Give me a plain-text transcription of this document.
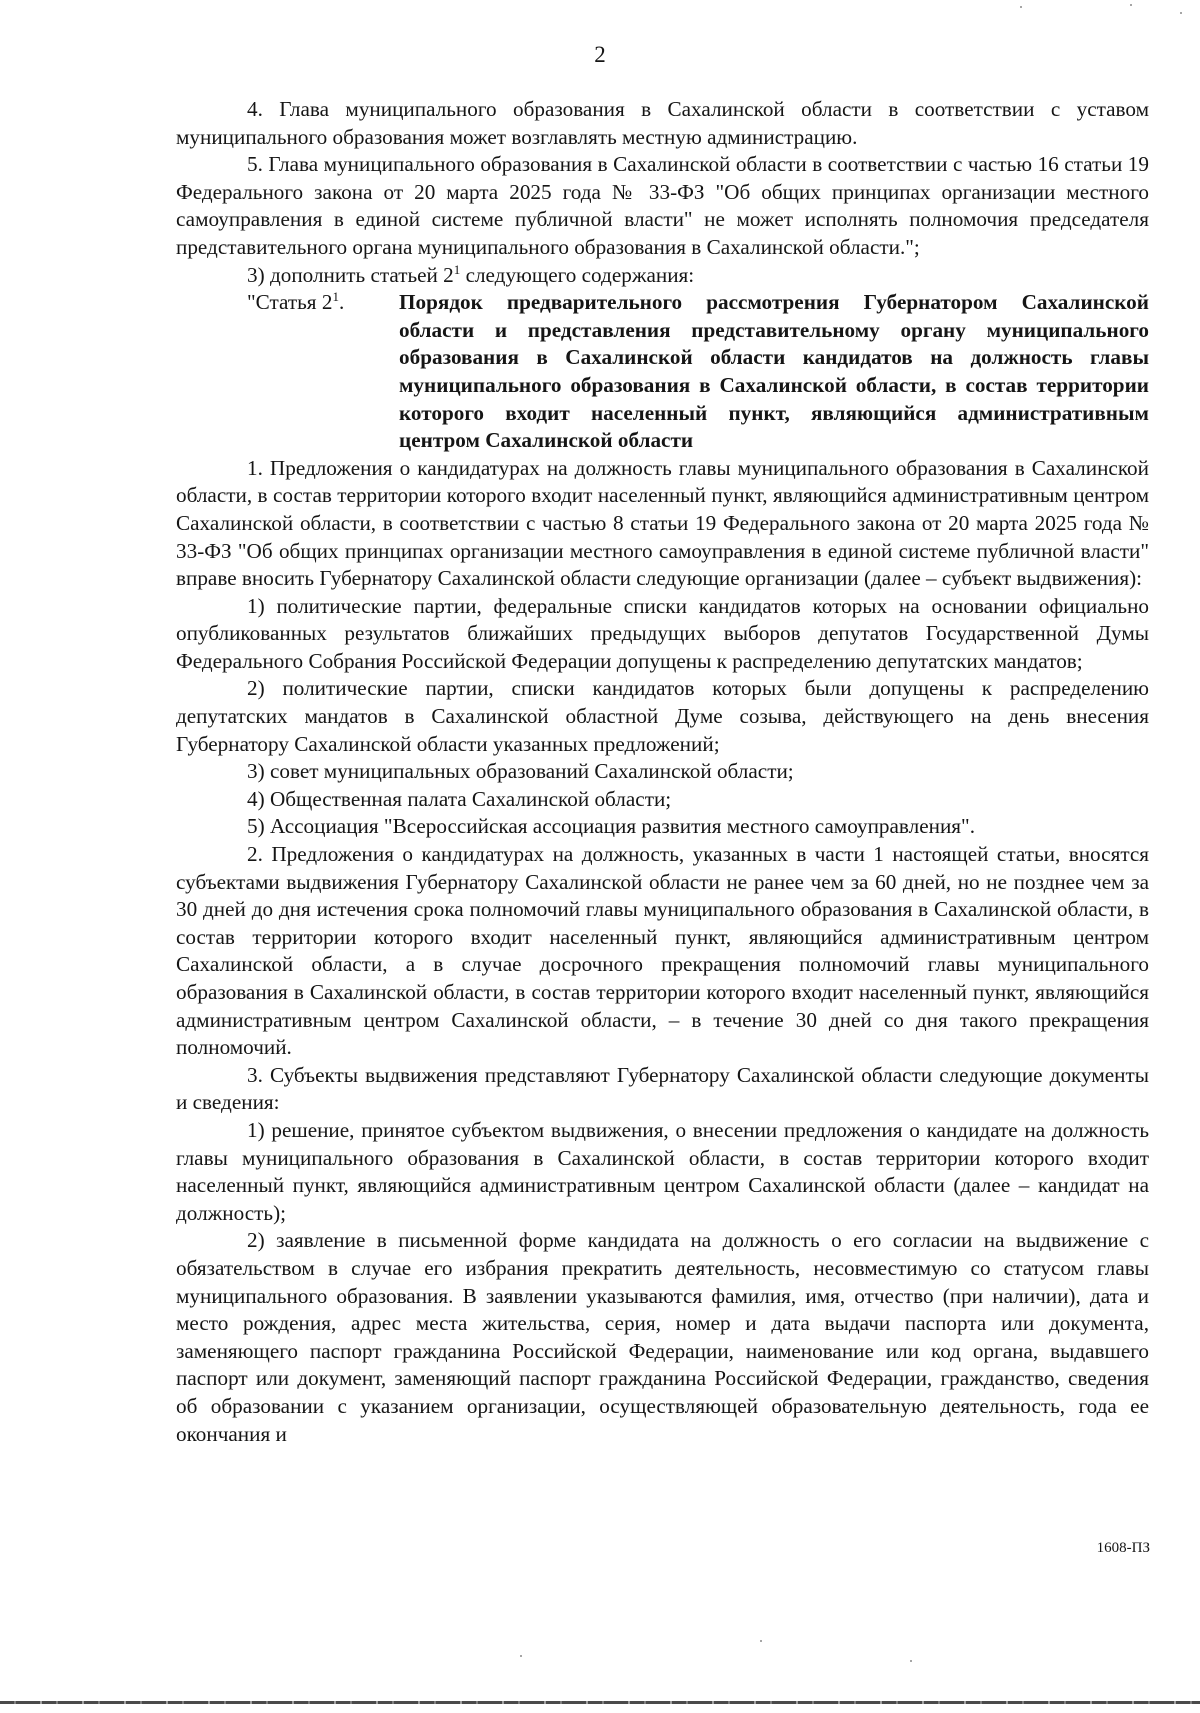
2

4. Глава муниципального образования в Сахалинской области в соответствии с уставом муниципального образования может возглавлять местную администрацию.

5. Глава муниципального образования в Сахалинской области в соответствии с частью 16 статьи 19 Федерального закона от 20 марта 2025 года № 33-ФЗ "Об общих принципах организации местного самоуправления в единой системе публичной власти" не может исполнять полномочия председателя представительного органа муниципального образования в Сахалинской области.";

3) дополнить статьей $2^1$ следующего содержания:

"Статья $2^1$.	Порядок предварительного рассмотрения Губернатором Сахалинской области и представления представительному органу муниципального образования в Сахалинской области кандидатов на должность главы муниципального образования в Сахалинской области, в состав территории которого входит населенный пункт, являющийся административным центром Сахалинской области

1. Предложения о кандидатурах на должность главы муниципального образования в Сахалинской области, в состав территории которого входит населенный пункт, являющийся административным центром Сахалинской области, в соответствии с частью 8 статьи 19 Федерального закона от 20 марта 2025 года № 33-ФЗ "Об общих принципах организации местного самоуправления в единой системе публичной власти" вправе вносить Губернатору Сахалинской области следующие организации (далее – субъект выдвижения):

1) политические партии, федеральные списки кандидатов которых на основании официально опубликованных результатов ближайших предыдущих выборов депутатов Государственной Думы Федерального Собрания Российской Федерации допущены к распределению депутатских мандатов;

2) политические партии, списки кандидатов которых были допущены к распределению депутатских мандатов в Сахалинской областной Думе созыва, действующего на день внесения Губернатору Сахалинской области указанных предложений;

3) совет муниципальных образований Сахалинской области;

4) Общественная палата Сахалинской области;

5) Ассоциация "Всероссийская ассоциация развития местного самоуправления".

2. Предложения о кандидатурах на должность, указанных в части 1 настоящей статьи, вносятся субъектами выдвижения Губернатору Сахалинской области не ранее чем за 60 дней, но не позднее чем за 30 дней до дня истечения срока полномочий главы муниципального образования в Сахалинской области, в состав территории которого входит населенный пункт, являющийся административным центром Сахалинской области, а в случае досрочного прекращения полномочий главы муниципального образования в Сахалинской области, в состав территории которого входит населенный пункт, являющийся административным центром Сахалинской области, – в течение 30 дней со дня такого прекращения полномочий.

3. Субъекты выдвижения представляют Губернатору Сахалинской области следующие документы и сведения:

1) решение, принятое субъектом выдвижения, о внесении предложения о кандидате на должность главы муниципального образования в Сахалинской области, в состав территории которого входит населенный пункт, являющийся административным центром Сахалинской области (далее – кандидат на должность);

2) заявление в письменной форме кандидата на должность о его согласии на выдвижение с обязательством в случае его избрания прекратить деятельность, несовместимую со статусом главы муниципального образования. В заявлении указываются фамилия, имя, отчество (при наличии), дата и место рождения, адрес места жительства, серия, номер и дата выдачи паспорта или документа, заменяющего паспорт гражданина Российской Федерации, наименование или код органа, выдавшего паспорт или документ, заменяющий паспорт гражданина Российской Федерации, гражданство, сведения об образовании с указанием организации, осуществляющей образовательную деятельность, года ее окончания и

1608-ПЗ
